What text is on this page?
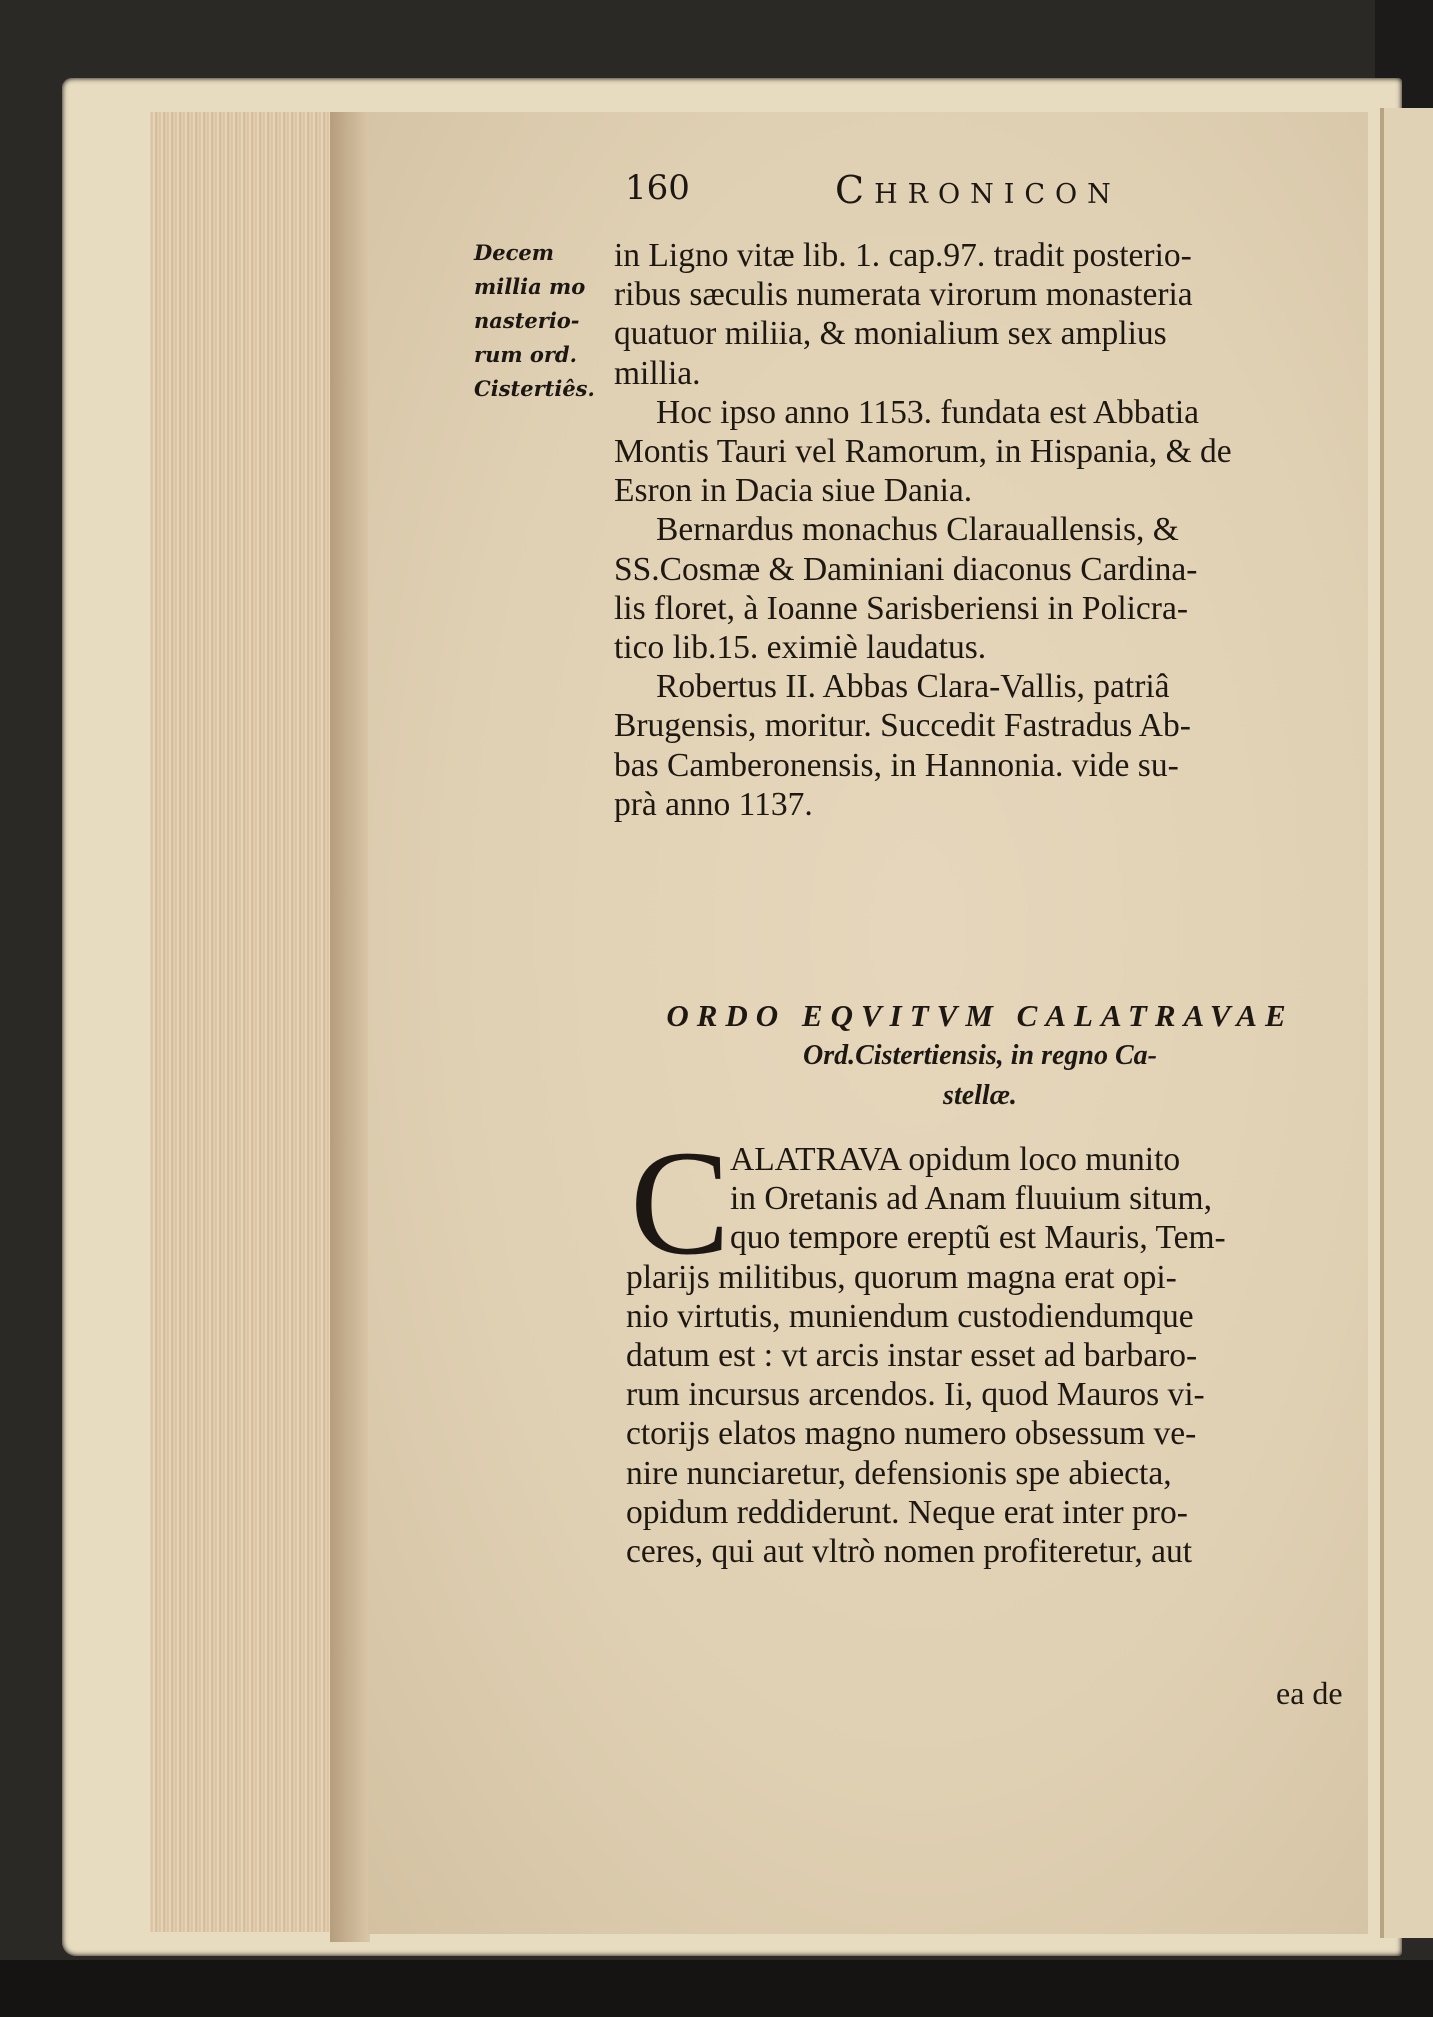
160	Chronicon
Decem
millia mo
nasterio-
rum ord.
Cistertiês.
in Ligno vitæ lib. 1. cap.97. tradit posterio-
ribus sæculis numerata virorum monasteria
quatuor miliia, & monialium sex amplius
millia.
Hoc ipso anno 1153. fundata est Abbatia
Montis Tauri vel Ramorum, in Hispania, & de
Esron in Dacia siue Dania.
Bernardus monachus Clarauallensis, &
SS.Cosmæ & Daminiani diaconus Cardina-
lis floret, à Ioanne Sarisberiensi in Policra-
tico lib.15. eximiè laudatus.
Robertus II. Abbas Clara-Vallis, patriâ
Brugensis, moritur. Succedit Fastradus Ab-
bas Camberonensis, in Hannonia. vide su-
prà anno 1137.
ORDO EQVITVM CALATRAVAE
Ord.Cistertiensis, in regno Ca-
stellæ.
C ALATRAVA opidum loco munito
in Oretanis ad Anam fluuium situm,
quo tempore ereptũ est Mauris, Tem-
plarijs militibus, quorum magna erat opi-
nio virtutis, muniendum custodiendumque
datum est : vt arcis instar esset ad barbaro-
rum incursus arcendos. Ii, quod Mauros vi-
ctorijs elatos magno numero obsessum ve-
nire nunciaretur, defensionis spe abiecta,
opidum reddiderunt. Neque erat inter pro-
ceres, qui aut vltrò nomen profiteretur, aut
ea de
